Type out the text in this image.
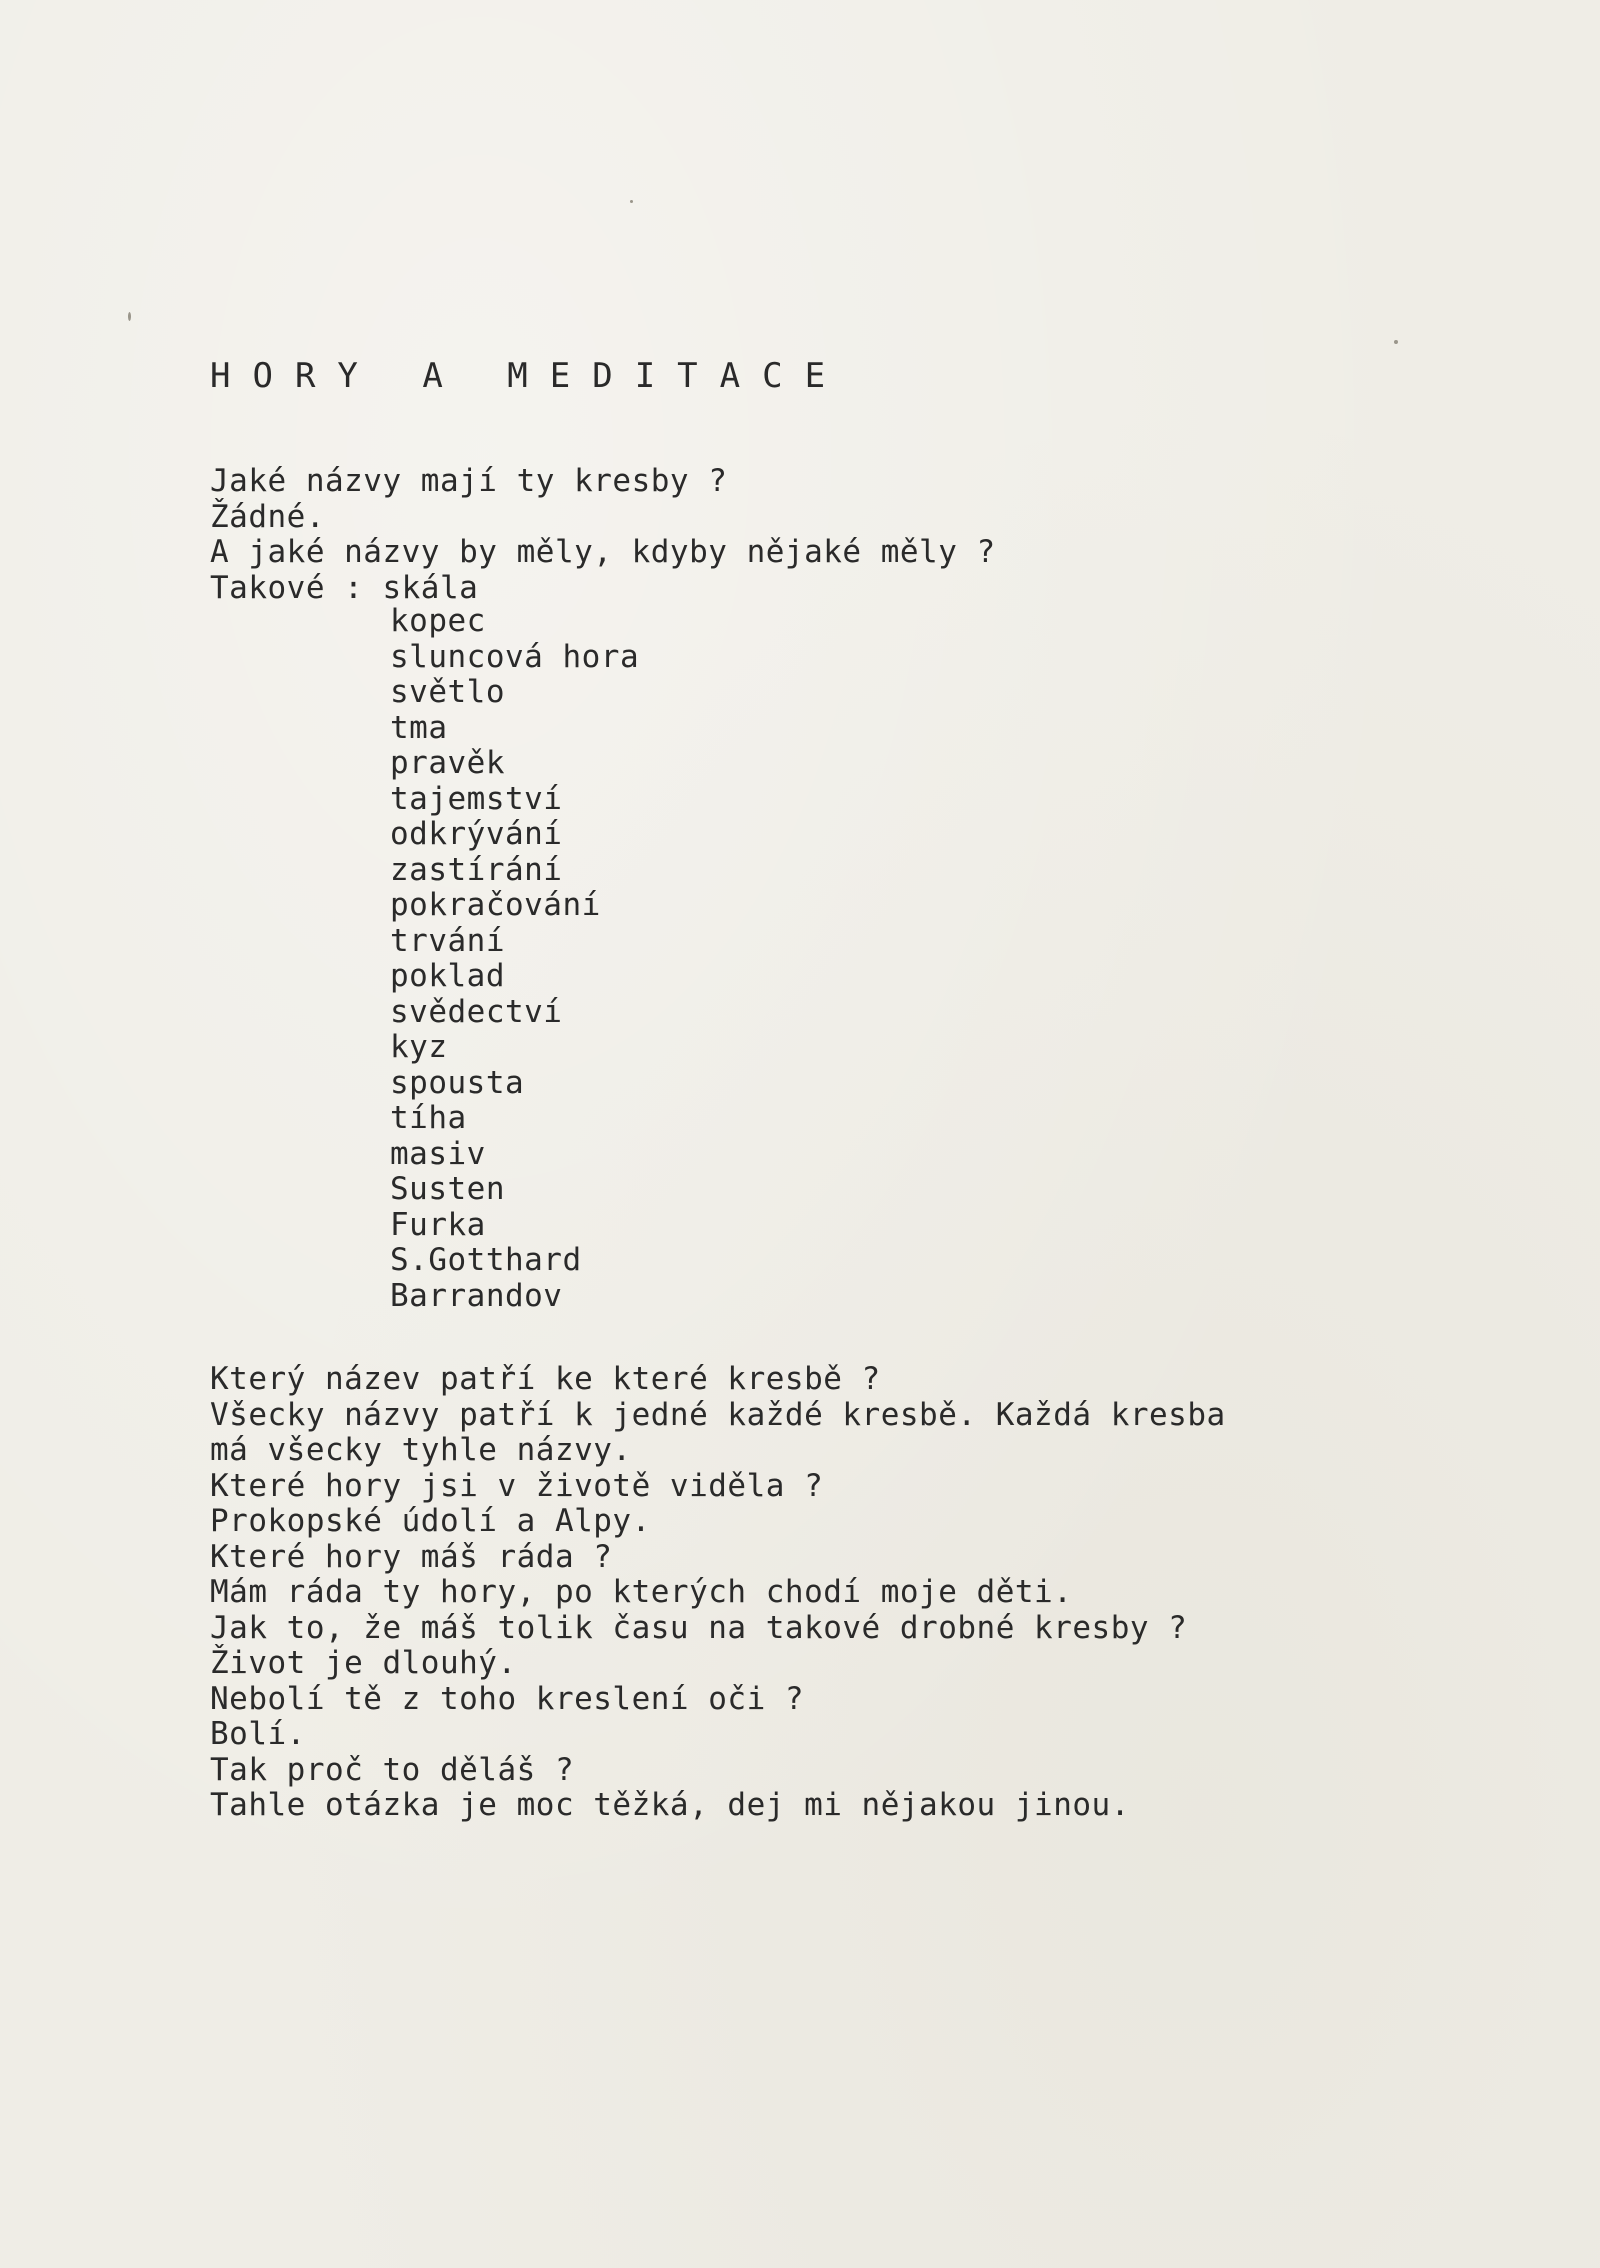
HORY A MEDITACE
Jaké názvy mají ty kresby ?
Žádné.
A jaké názvy by měly, kdyby nějaké měly ?
Takové : skála
kopec
sluncová hora
světlo
tma
pravěk
tajemství
odkrývání
zastírání
pokračování
trvání
poklad
svědectví
kyz
spousta
tíha
masiv
Susten
Furka
S.Gotthard
Barrandov
Který název patří ke které kresbě ?
Všecky názvy patří k jedné každé kresbě. Každá kresba
má všecky tyhle názvy.
Které hory jsi v životě viděla ?
Prokopské údolí a Alpy.
Které hory máš ráda ?
Mám ráda ty hory, po kterých chodí moje děti.
Jak to, že máš tolik času na takové drobné kresby ?
Život je dlouhý.
Nebolí tě z toho kreslení oči ?
Bolí.
Tak proč to děláš ?
Tahle otázka je moc těžká, dej mi nějakou jinou.
